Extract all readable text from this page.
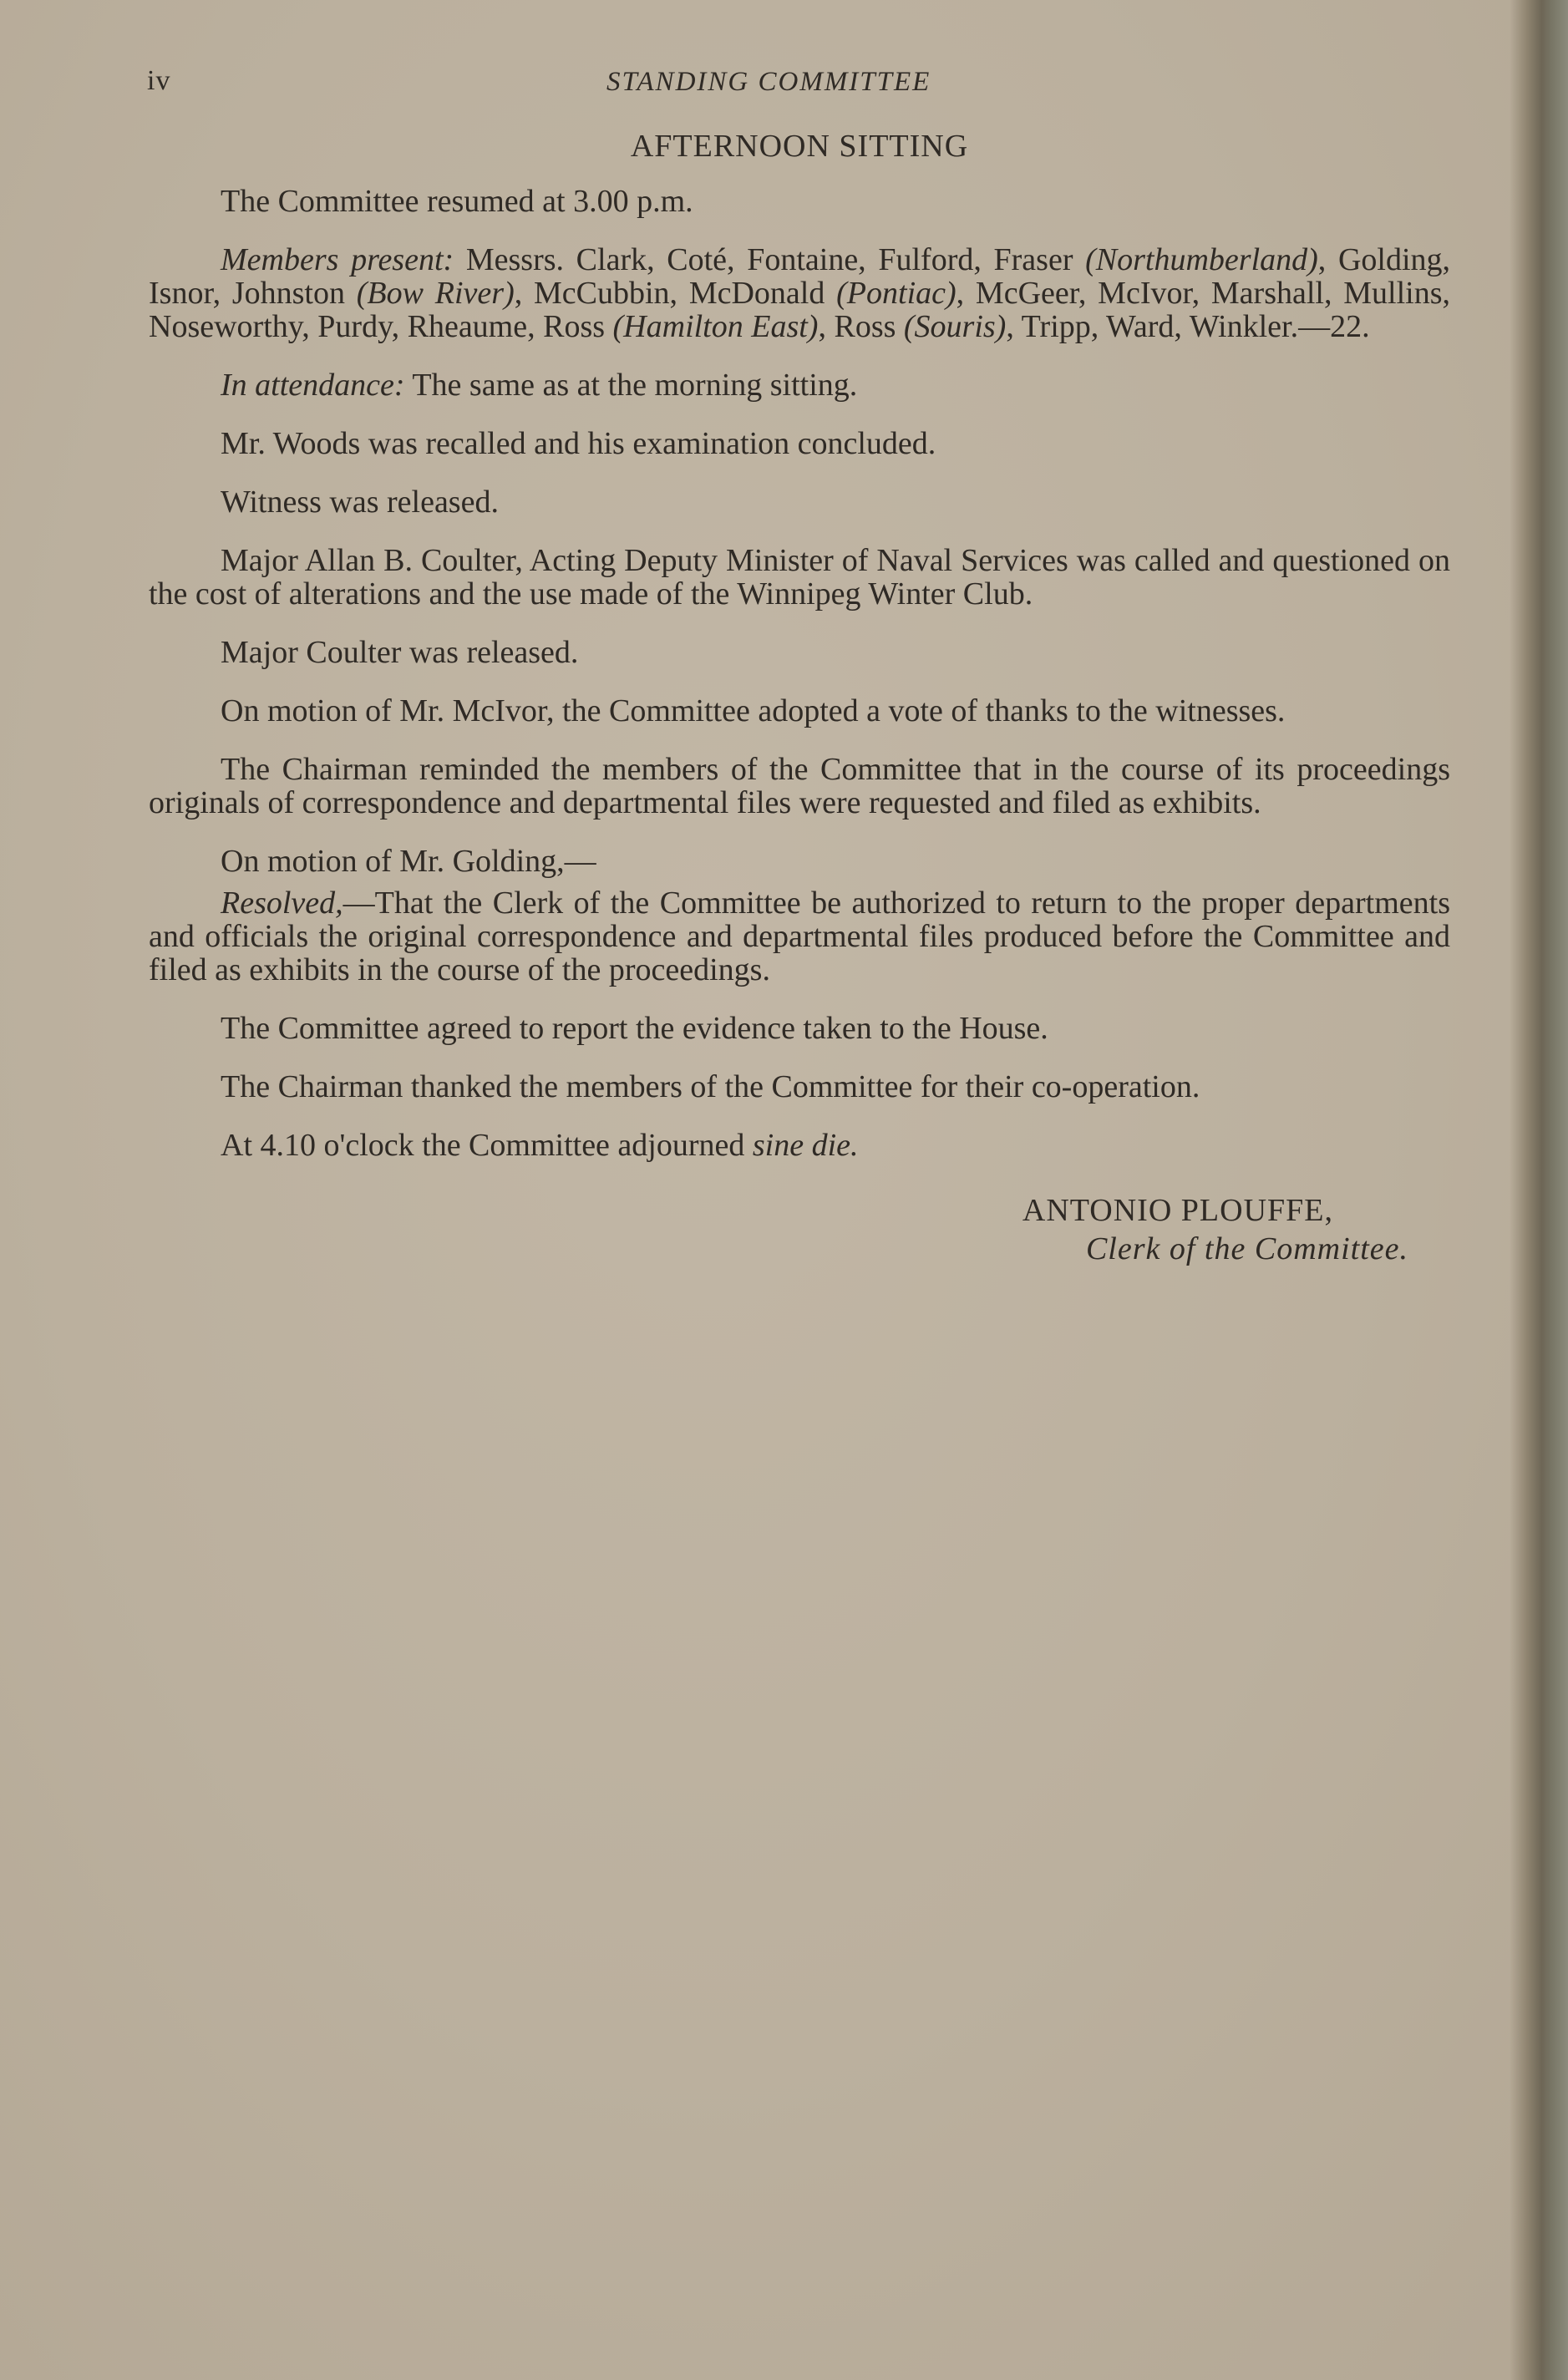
iv	STANDING COMMITTEE
AFTERNOON SITTING

The Committee resumed at 3.00 p.m.

Members present: Messrs. Clark, Coté, Fontaine, Fulford, Fraser (Northumberland), Golding, Isnor, Johnston (Bow River), McCubbin, McDonald (Pontiac), McGeer, McIvor, Marshall, Mullins, Noseworthy, Purdy, Rheaume, Ross (Hamilton East), Ross (Souris), Tripp, Ward, Winkler.—22.

In attendance: The same as at the morning sitting.

Mr. Woods was recalled and his examination concluded.

Witness was released.

Major Allan B. Coulter, Acting Deputy Minister of Naval Services was called and questioned on the cost of alterations and the use made of the Winnipeg Winter Club.

Major Coulter was released.

On motion of Mr. McIvor, the Committee adopted a vote of thanks to the witnesses.

The Chairman reminded the members of the Committee that in the course of its proceedings originals of correspondence and departmental files were requested and filed as exhibits.

On motion of Mr. Golding,—

Resolved,—That the Clerk of the Committee be authorized to return to the proper departments and officials the original correspondence and departmental files produced before the Committee and filed as exhibits in the course of the proceedings.

The Committee agreed to report the evidence taken to the House.

The Chairman thanked the members of the Committee for their co-operation.

At 4.10 o'clock the Committee adjourned sine die.

ANTONIO PLOUFFE,
Clerk of the Committee.
